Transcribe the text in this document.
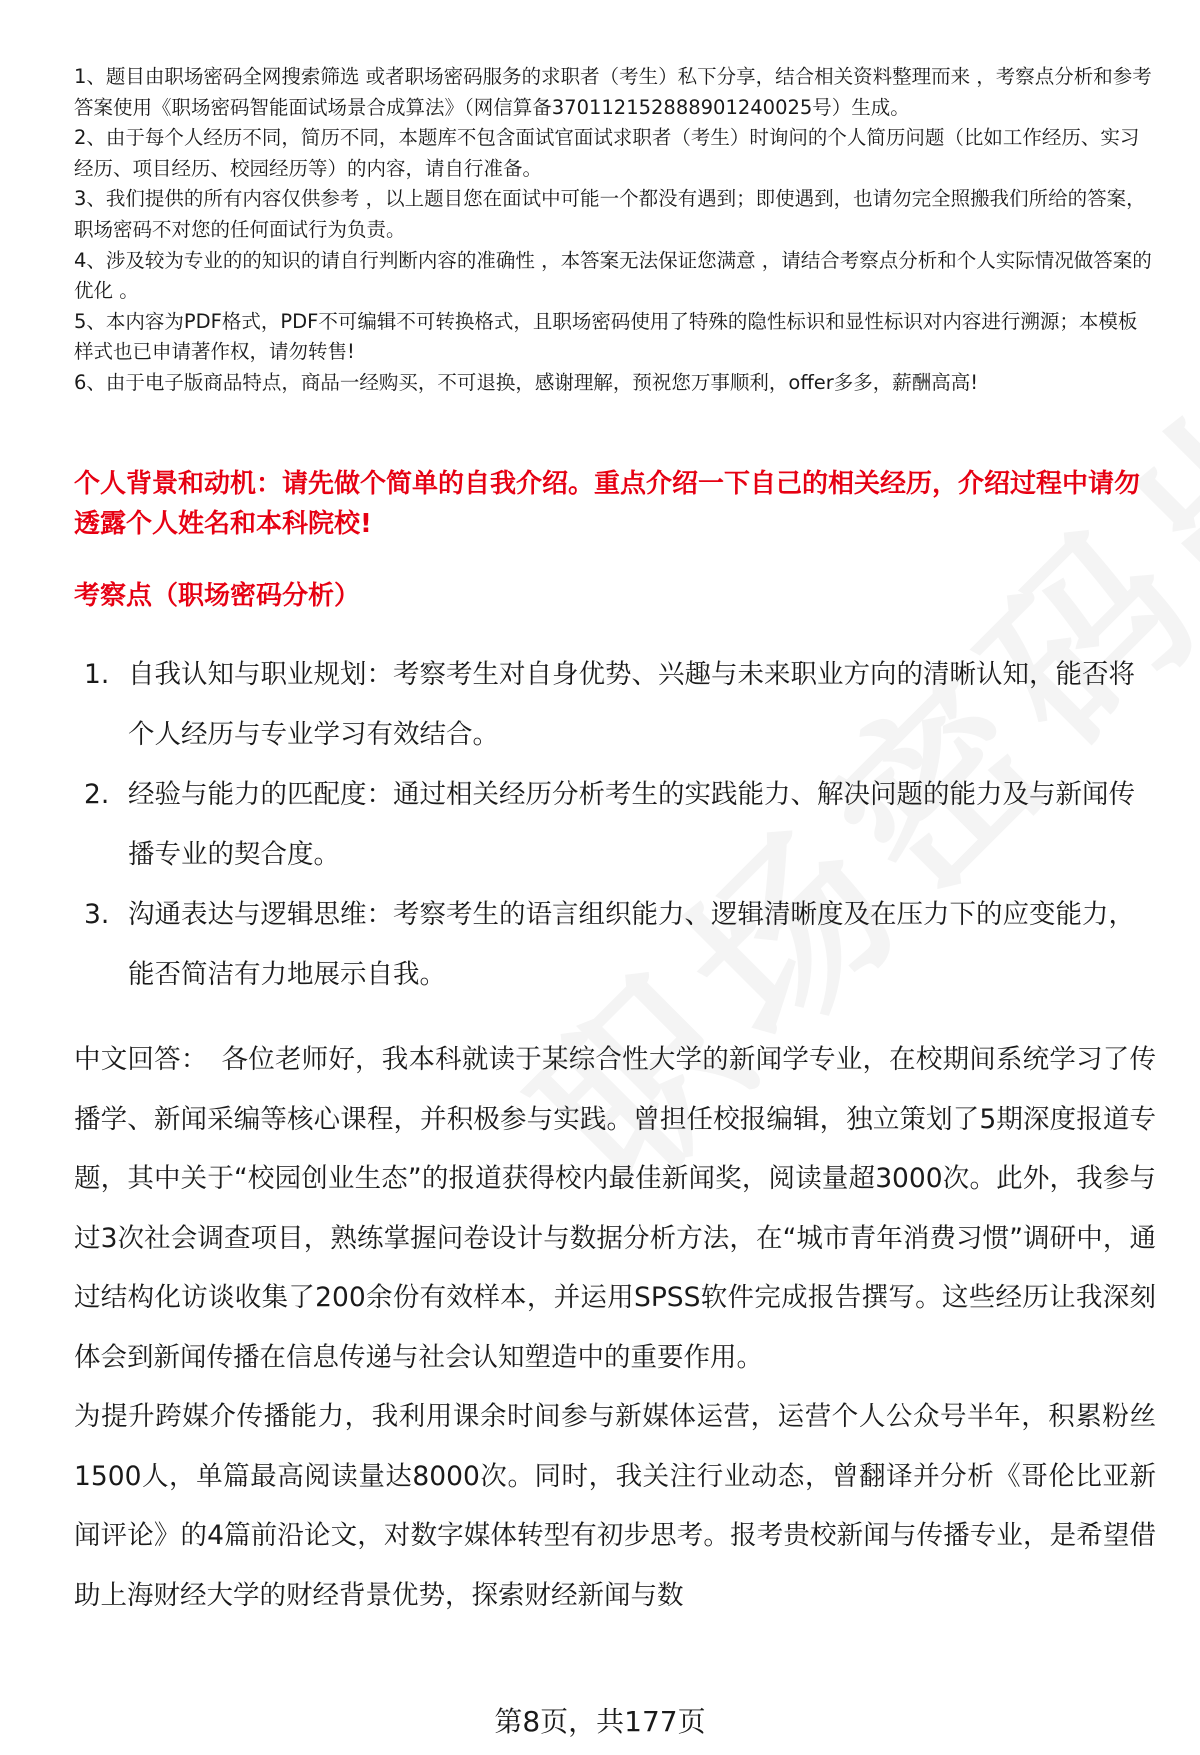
1、题目由职场密码全网搜索筛选 或者职场密码服务的求职者（考生）私下分享，结合相关资料整理而来 ，考察点分析和参考答案使用《职场密码智能面试场景合成算法》（网信算备370112152888901240025号）生成。

2、由于每个人经历不同，简历不同，本题库不包含面试官面试求职者（考生）时询问的个人简历问题（比如工作经历、实习经历、项目经历、校园经历等）的内容，请自行准备。

3、我们提供的所有内容仅供参考 ，以上题目您在面试中可能一个都没有遇到；即使遇到，也请勿完全照搬我们所给的答案，职场密码不对您的任何面试行为负责。

4、涉及较为专业的的知识的请自行判断内容的准确性 ，本答案无法保证您满意 ，请结合考察点分析和个人实际情况做答案的优化 。

5、本内容为PDF格式，PDF不可编辑不可转换格式，且职场密码使用了特殊的隐性标识和显性标识对内容进行溯源；本模板样式也已申请著作权，请勿转售!

6、由于电子版商品特点，商品一经购买，不可退换，感谢理解，预祝您万事顺利，offer多多，薪酬高高!

个人背景和动机：请先做个简单的自我介绍。重点介绍一下自己的相关经历，介绍过程中请勿透露个人姓名和本科院校!
考察点（职场密码分析）
1. 自我认知与职业规划：考察考生对自身优势、兴趣与未来职业方向的清晰认知，能否将个人经历与专业学习有效结合。
2. 经验与能力的匹配度：通过相关经历分析考生的实践能力、解决问题的能力及与新闻传播专业的契合度。
3. 沟通表达与逻辑思维：考察考生的语言组织能力、逻辑清晰度及在压力下的应变能力，能否简洁有力地展示自我。

中文回答： 各位老师好，我本科就读于某综合性大学的新闻学专业，在校期间系统学习了传播学、新闻采编等核心课程，并积极参与实践。曾担任校报编辑，独立策划了5期深度报道专题，其中关于“校园创业生态”的报道获得校内最佳新闻奖，阅读量超3000次。此外，我参与过3次社会调查项目，熟练掌握问卷设计与数据分析方法，在“城市青年消费习惯”调研中，通过结构化访谈收集了200余份有效样本，并运用SPSS软件完成报告撰写。这些经历让我深刻体会到新闻传播在信息传递与社会认知塑造中的重要作用。

为提升跨媒介传播能力，我利用课余时间参与新媒体运营，运营个人公众号半年，积累粉丝1500人，单篇最高阅读量达8000次。同时，我关注行业动态，曾翻译并分析《哥伦比亚新闻评论》的4篇前沿论文，对数字媒体转型有初步思考。报考贵校新闻与传播专业，是希望借助上海财经大学的财经背景优势，探索财经新闻与数

第8页，共177页
